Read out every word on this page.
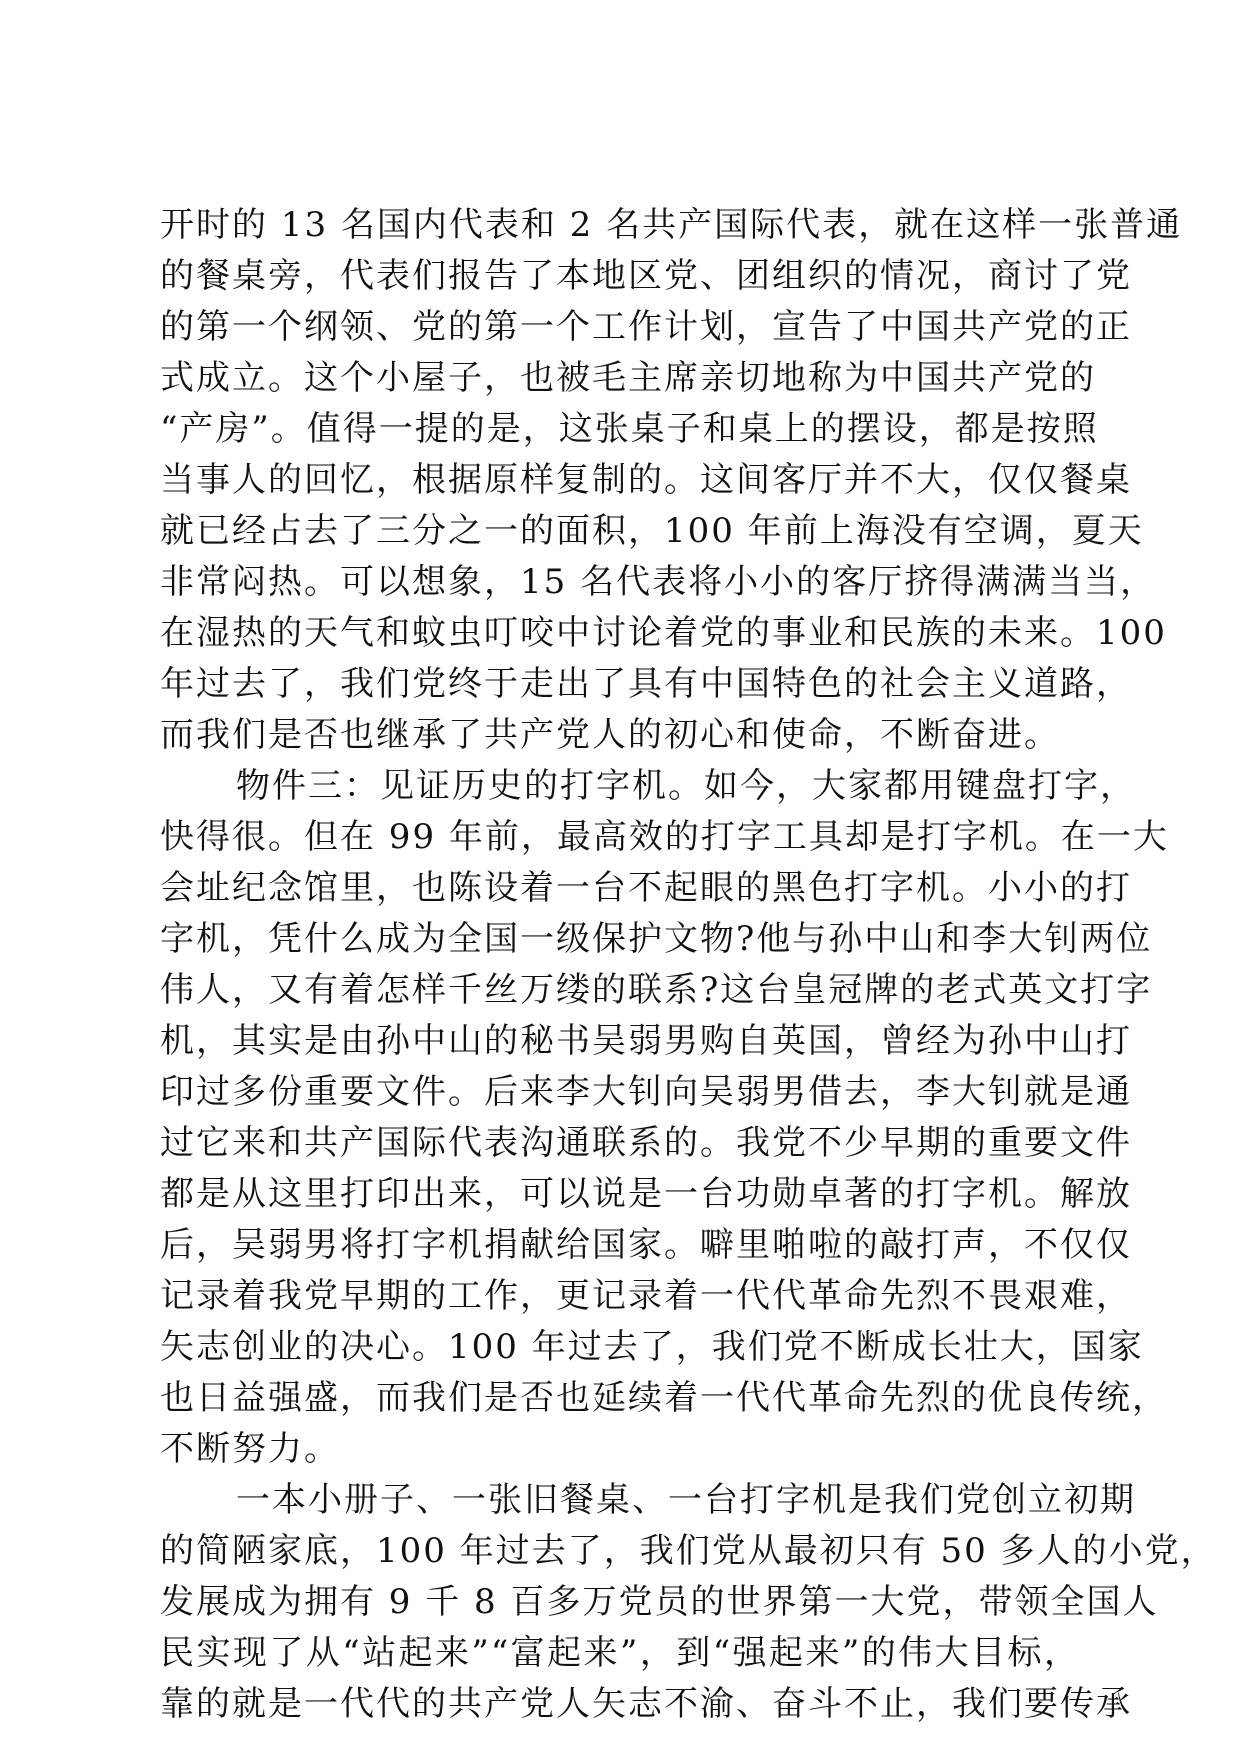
开时的 13 名国内代表和 2 名共产国际代表，就在这样一张普通
的餐桌旁，代表们报告了本地区党、团组织的情况，商讨了党
的第一个纲领、党的第一个工作计划，宣告了中国共产党的正
式成立。这个小屋子，也被毛主席亲切地称为中国共产党的
“产房”。值得一提的是，这张桌子和桌上的摆设，都是按照
当事人的回忆，根据原样复制的。这间客厅并不大，仅仅餐桌
就已经占去了三分之一的面积，100 年前上海没有空调，夏天
非常闷热。可以想象，15 名代表将小小的客厅挤得满满当当，
在湿热的天气和蚊虫叮咬中讨论着党的事业和民族的未来。100
年过去了，我们党终于走出了具有中国特色的社会主义道路，
而我们是否也继承了共产党人的初心和使命，不断奋进。
物件三：见证历史的打字机。如今，大家都用键盘打字，
快得很。但在 99 年前，最高效的打字工具却是打字机。在一大
会址纪念馆里，也陈设着一台不起眼的黑色打字机。小小的打
字机，凭什么成为全国一级保护文物?他与孙中山和李大钊两位
伟人，又有着怎样千丝万缕的联系?这台皇冠牌的老式英文打字
机，其实是由孙中山的秘书吴弱男购自英国，曾经为孙中山打
印过多份重要文件。后来李大钊向吴弱男借去，李大钊就是通
过它来和共产国际代表沟通联系的。我党不少早期的重要文件
都是从这里打印出来，可以说是一台功勋卓著的打字机。解放
后，吴弱男将打字机捐献给国家。噼里啪啦的敲打声，不仅仅
记录着我党早期的工作，更记录着一代代革命先烈不畏艰难，
矢志创业的决心。100 年过去了，我们党不断成长壮大，国家
也日益强盛，而我们是否也延续着一代代革命先烈的优良传统，
不断努力。
一本小册子、一张旧餐桌、一台打字机是我们党创立初期
的简陋家底，100 年过去了，我们党从最初只有 50 多人的小党，
发展成为拥有 9 千 8 百多万党员的世界第一大党，带领全国人
民实现了从“站起来”“富起来”，到“强起来”的伟大目标，
靠的就是一代代的共产党人矢志不渝、奋斗不止，我们要传承
